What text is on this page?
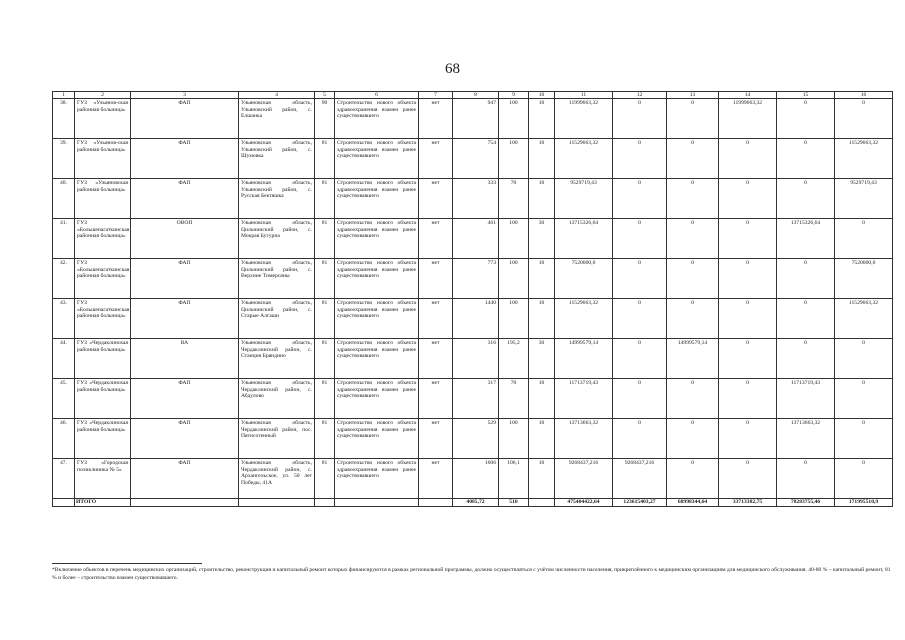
68
1	2	3	4	5	6	7	8	9	10	11	12	13	14	15	16
38.	ГУЗ «Ульянов-ская районная больница»	ФАП	Ульяновская область, Ульяновский район, с. Елшанка	90	Строительство нового объекта здравоохранения взамен ранее существовавшего	нет	947	100	10	11999663,32	0	0	11999663,32	0	0
39.	ГУЗ «Ульянов-ская районная больница»	ФАП	Ульяновская область, Ульяновский район, с. Шумовка	81	Строительство нового объекта здравоохранения взамен ранее существовавшего	нет	754	100	10	11529663,32	0	0	0	0	11529663,32
40.	ГУЗ «Ульяновская районная больница»	ФАП	Ульяновская область, Ульяновский район, с. Русская Бектяшка	81	Строительство нового объекта здравоохранения взамен ранее существовавшего	нет	333	70	10	9529719,43	0	0	0	0	9529719,43
41.	ГУЗ «Большенагаткинская районная больница»	ОВОП	Ульяновская область, Цильнинский район, с. Мокрая Бугурна	81	Строительство нового объекта здравоохранения взамен ранее существовавшего	нет	461	100	30	13715326,64	0	0	0	13715326,64	0
42.	ГУЗ «Большенагаткинская районная больница»	ФАП	Ульяновская область, Цильнинский район, с. Верхние Тимерсяны	81	Строительство нового объекта здравоохранения взамен ранее существовавшего	нет	773	100	10	7520000,0	0	0	0	0	7520000,0
43.	ГУЗ «Большенагаткинская районная больница»	ФАП	Ульяновская область, Цильнинский район, с. Старые Алгаши	81	Строительство нового объекта здравоохранения взамен ранее существовавшего	нет	1440	100	10	11529663,32	0	0	0	0	11529663,32
44.	ГУЗ «Чердаклинская районная больница»	ВА	Ульяновская область, Чердаклинский район, с. Станция Бряндино	81	Строительство нового объекта здравоохранения взамен ранее существовавшего	нет	316	195,2	30	14999579,14	0	14999579,14	0	0	0
45.	ГУЗ «Чердаклинская районная больница»	ФАП	Ульяновская область, Чердаклинский район, с. Абдулово	81	Строительство нового объекта здравоохранения взамен ранее существовавшего	нет	317	70	10	11713719,43	0	0	0	11713719,43	0
46.	ГУЗ «Чердаклинская районная больница»	ФАП	Ульяновская область, Чердаклинский район, пос. Пятисотенный	81	Строительство нового объекта здравоохранения взамен ранее существовавшего	нет	529	100	10	13713663,32	0	0	0	13713663,32	0
47.	ГУЗ «Городская поликлиника № 5»	ФАП	Ульяновская область, Чердаклинский район, с. Архангельское, ул. 50 лет Победы, 41А	81	Строительство нового объекта здравоохранения взамен ранее существовавшего	нет	1606	106,1	10	9268437,216	9268437,216	0	0	0	0
	ИТОГО						4085,72	510		475404422,64	123615403,27	68998344,64	33713382,75	78283755,46	171995510,9
*Включение объектов в перечень медицинских организаций, строительство, реконструкция и капитальный ремонт которых финансируются в рамках региональной программы, должно осуществляться с учётом численности населения, прикреплённого к медицинским организациям для медицинского обслуживания. 40-80 % – капитальный ремонт, 81 % и более – строительство взамен существовавшего.
